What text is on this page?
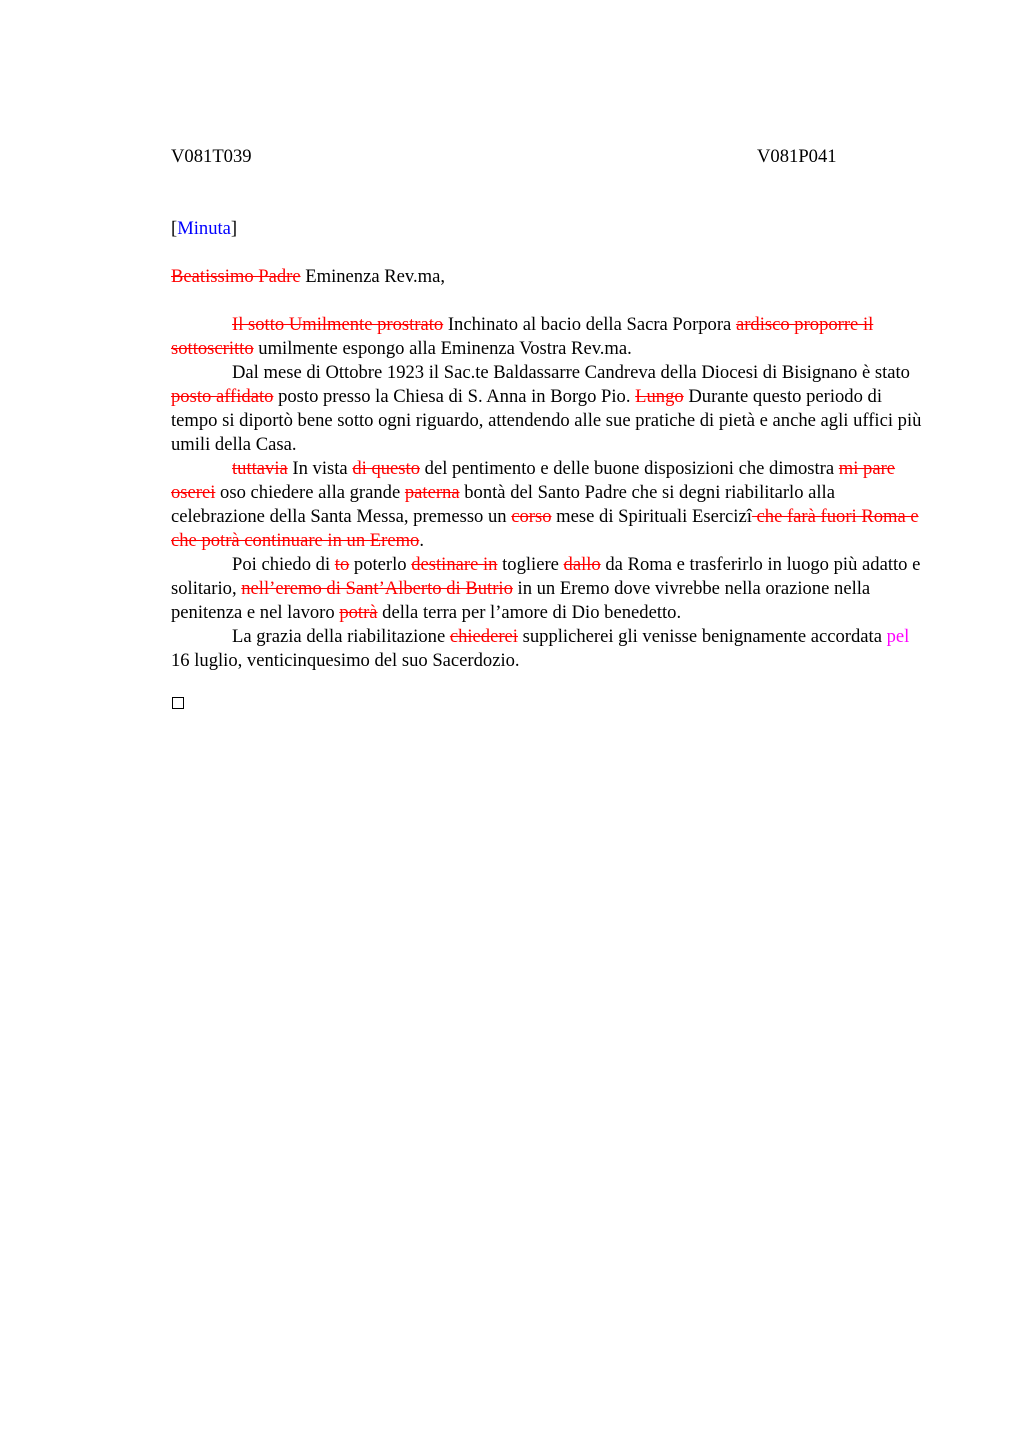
V081T039	V081P041
[Minuta]
Beatissimo Padre Eminenza Rev.ma,

Il sotto Umilmente prostrato Inchinato al bacio della Sacra Porpora ardisco proporre il sottoscritto umilmente espongo alla Eminenza Vostra Rev.ma.

Dal mese di Ottobre 1923 il Sac.te Baldassarre Candreva della Diocesi di Bisignano è stato posto affidato posto presso la Chiesa di S. Anna in Borgo Pio. Lungo Durante questo periodo di tempo si diportò bene sotto ogni riguardo, attendendo alle sue pratiche di pietà e anche agli uffici più umili della Casa.

tuttavia In vista di questo del pentimento e delle buone disposizioni che dimostra mi pare oserei oso chiedere alla grande paterna bontà del Santo Padre che si degni riabilitarlo alla celebrazione della Santa Messa, premesso un corso mese di Spirituali Esercizî che farà fuori Roma e che potrà continuare in un Eremo.

Poi chiedo di to poterlo destinare in togliere dallo da Roma e trasferirlo in luogo più adatto e solitario, nell’eremo di Sant’Alberto di Butrio in un Eremo dove vivrebbe nella orazione nella penitenza e nel lavoro potrà della terra per l’amore di Dio benedetto.

La grazia della riabilitazione chiederei supplicherei gli venisse benignamente accordata pel 16 luglio, venticinquesimo del suo Sacerdozio.
